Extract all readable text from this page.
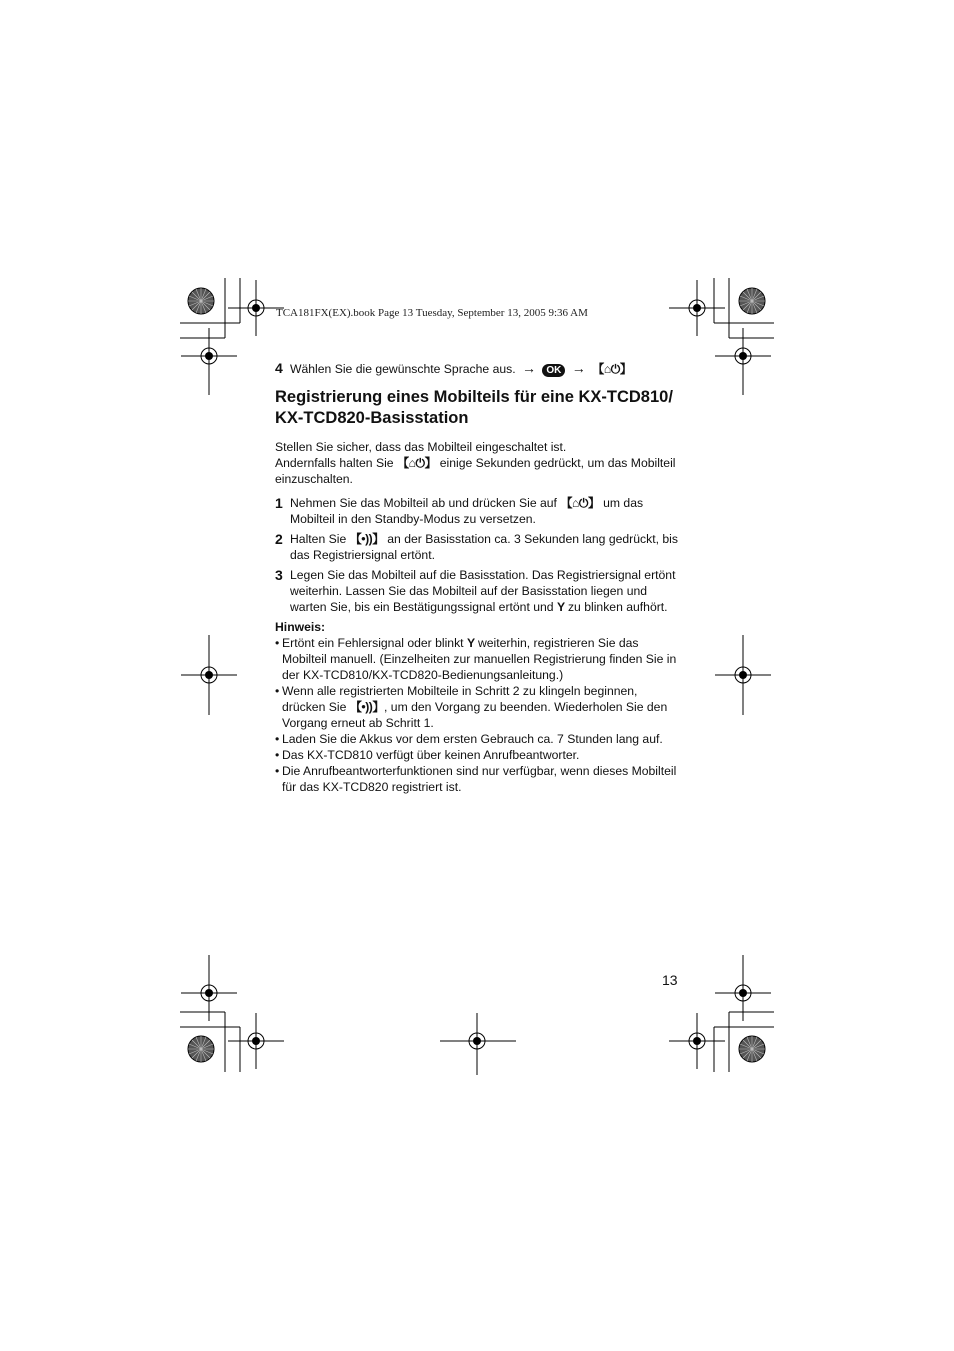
TCA181FX(EX).book Page 13 Tuesday, September 13, 2005 9:36 AM
4 Wählen Sie die gewünschte Sprache aus. → OK → 【⌂⏻】
Registrierung eines Mobilteils für eine KX-TCD810/
KX-TCD820-Basisstation
Stellen Sie sicher, dass das Mobilteil eingeschaltet ist.
Andernfalls halten Sie 【⌂⏻】 einige Sekunden gedrückt, um das Mobilteil einzuschalten.
1 Nehmen Sie das Mobilteil ab und drücken Sie auf 【⌂⏻】 um das Mobilteil in den Standby-Modus zu versetzen.
2 Halten Sie 【•))】 an der Basisstation ca. 3 Sekunden lang gedrückt, bis das Registriersignal ertönt.
3 Legen Sie das Mobilteil auf die Basisstation. Das Registriersignal ertönt weiterhin. Lassen Sie das Mobilteil auf der Basisstation liegen und warten Sie, bis ein Bestätigungssignal ertönt und Y zu blinken aufhört.
Hinweis:
• Ertönt ein Fehlersignal oder blinkt Y weiterhin, registrieren Sie das Mobilteil manuell. (Einzelheiten zur manuellen Registrierung finden Sie in der KX-TCD810/KX-TCD820-Bedienungsanleitung.)
• Wenn alle registrierten Mobilteile in Schritt 2 zu klingeln beginnen, drücken Sie 【•))】, um den Vorgang zu beenden. Wiederholen Sie den Vorgang erneut ab Schritt 1.
• Laden Sie die Akkus vor dem ersten Gebrauch ca. 7 Stunden lang auf.
• Das KX-TCD810 verfügt über keinen Anrufbeantworter.
• Die Anrufbeantworterfunktionen sind nur verfügbar, wenn dieses Mobilteil für das KX-TCD820 registriert ist.
13
